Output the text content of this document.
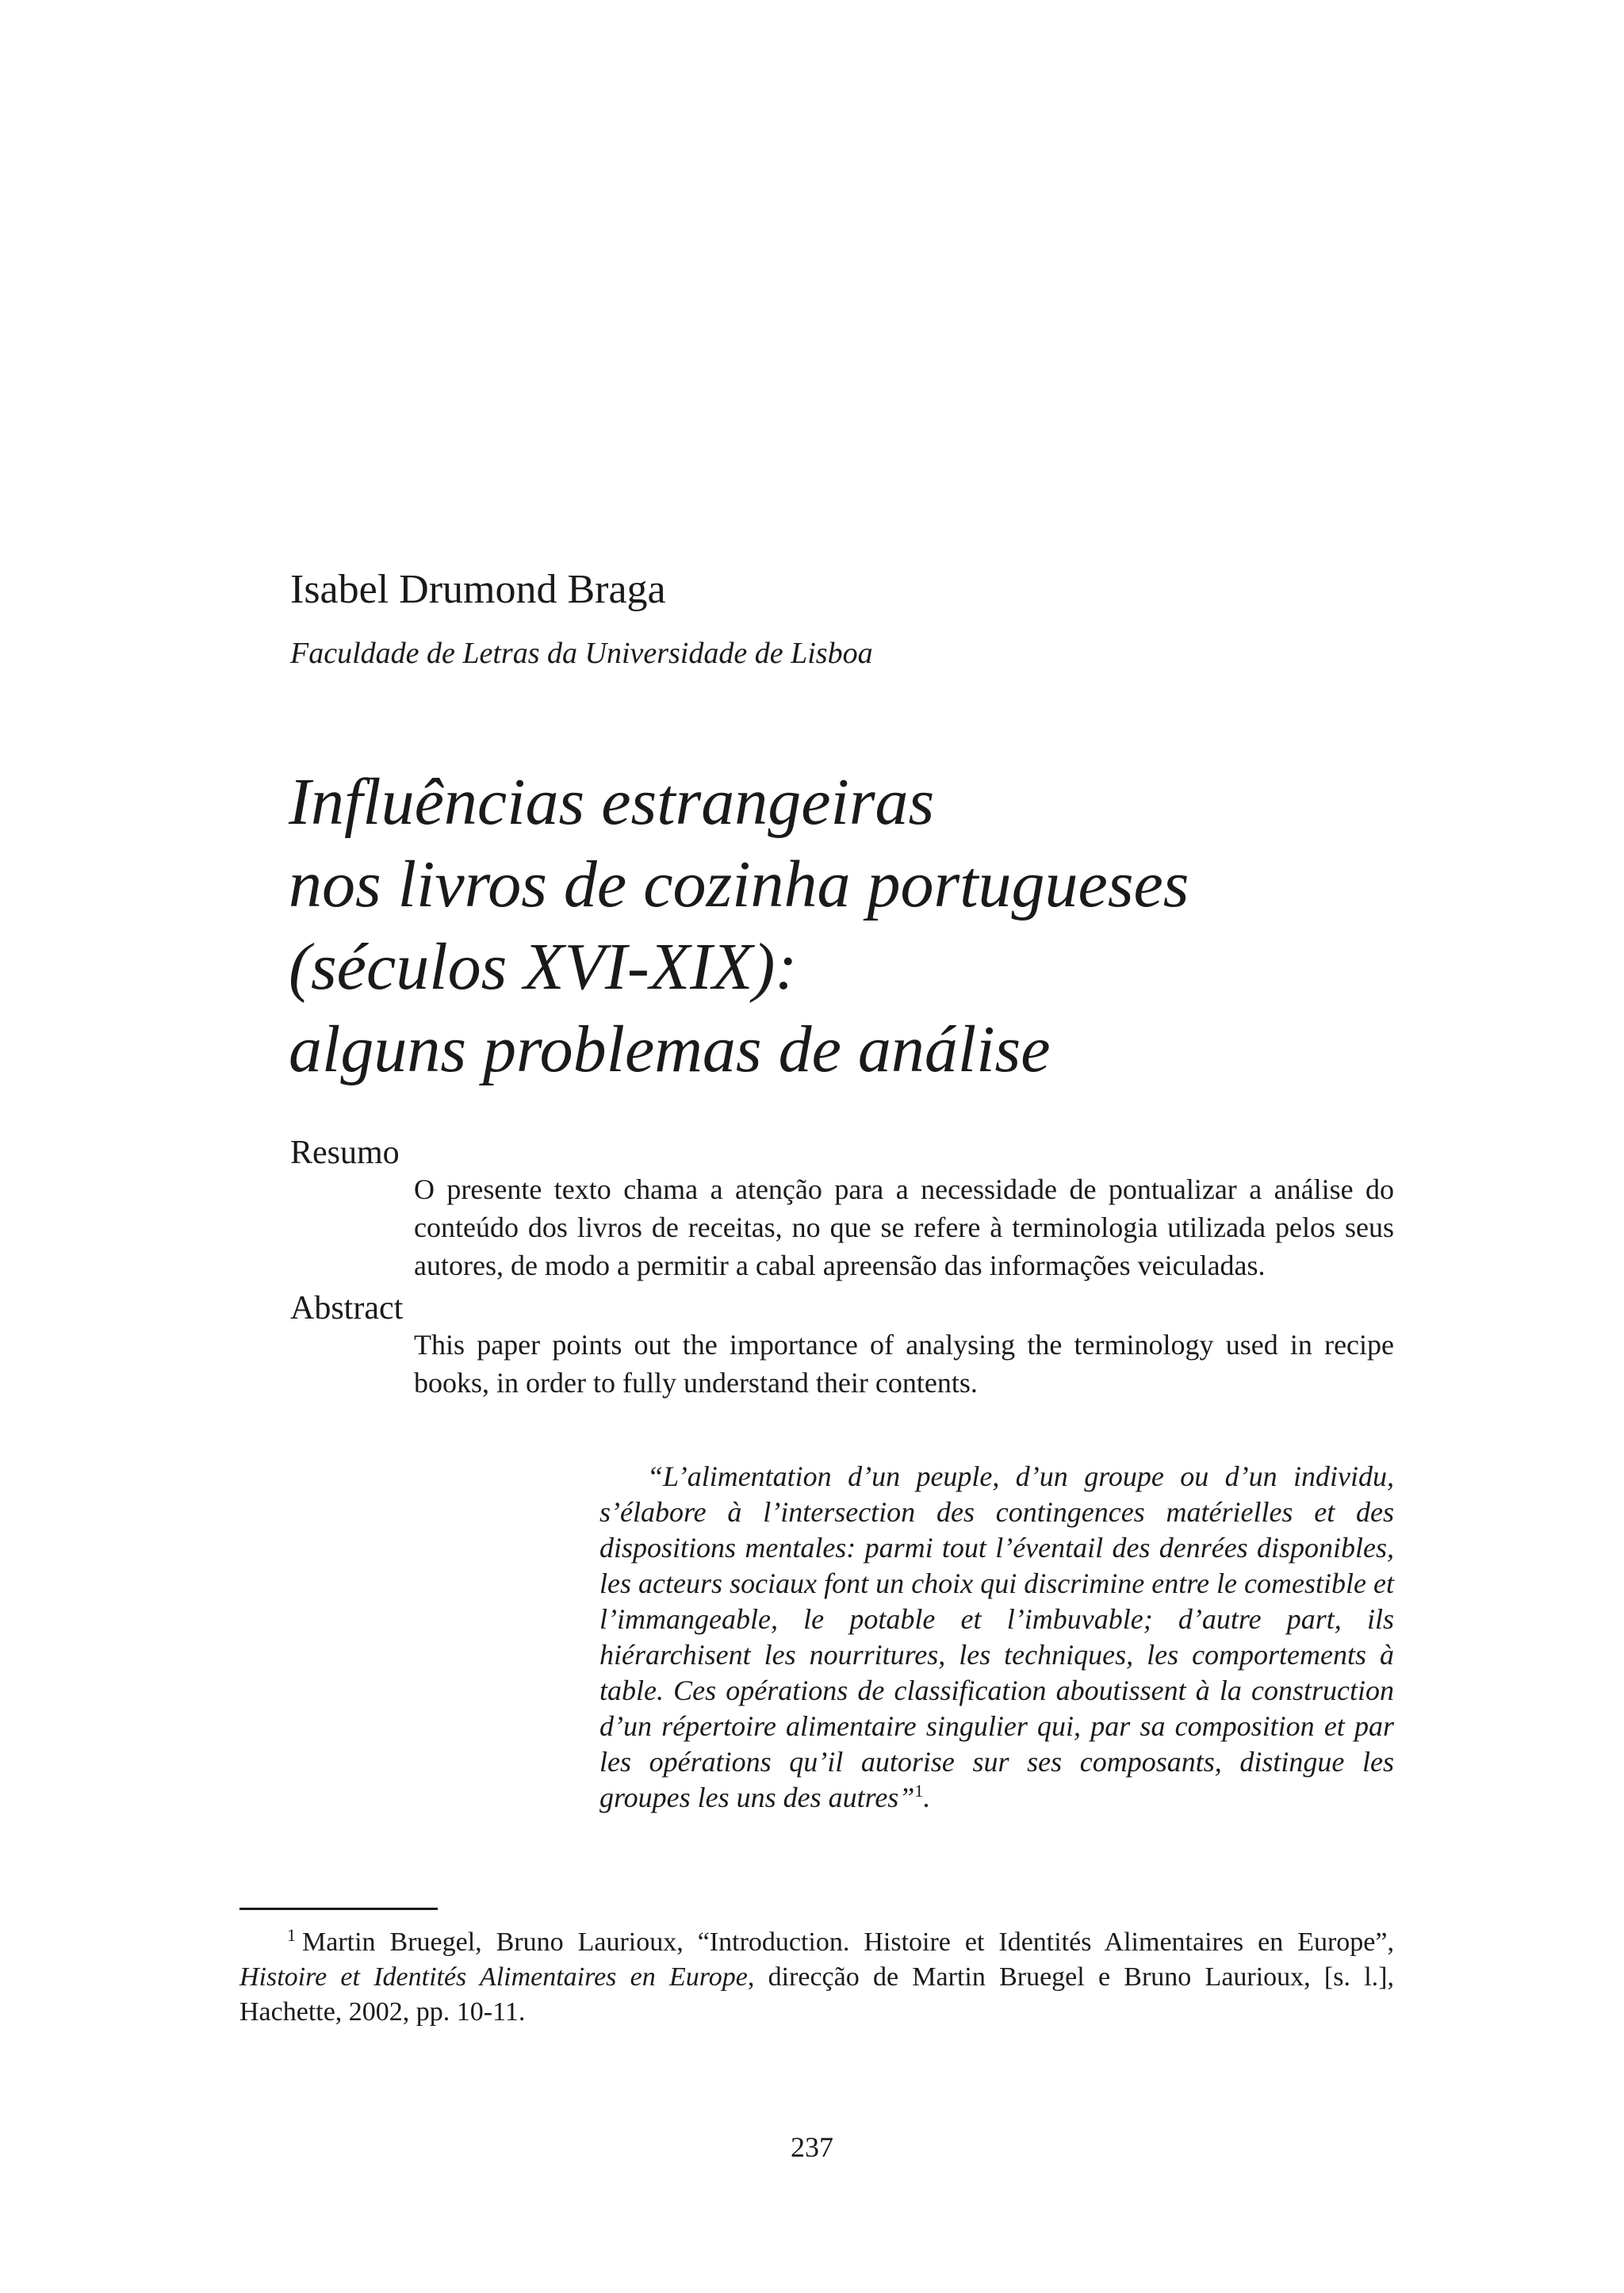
Isabel Drumond Braga
Faculdade de Letras da Universidade de Lisboa
Influências estrangeiras
nos livros de cozinha portugueses
(séculos XVI-XIX):
alguns problemas de análise
Resumo
O presente texto chama a atenção para a necessidade de pontualizar a análise do conteúdo dos livros de receitas, no que se refere à terminologia utilizada pelos seus autores, de modo a permitir a cabal apreensão das informações veiculadas.
Abstract
This paper points out the importance of analysing the terminology used in recipe books, in order to fully understand their contents.

“L’alimentation d’un peuple, d’un groupe ou d’un individu, s’élabore à l’intersection des contingences matérielles et des dispositions mentales: parmi tout l’éventail des denrées disponibles, les acteurs sociaux font un choix qui discrimine entre le comestible et l’immangeable, le potable et l’imbuvable; d’autre part, ils hiérarchisent les nourritures, les techniques, les comportements à table. Ces opérations de classification aboutissent à la construction d’un répertoire alimentaire singulier qui, par sa composition et par les opérations qu’il autorise sur ses composants, distingue les groupes les uns des autres”$^1$.

$^1$ Martin Bruegel, Bruno Laurioux, “Introduction. Histoire et Identités Alimentaires en Europe”, Histoire et Identités Alimentaires en Europe, direcção de Martin Bruegel e Bruno Laurioux, [s. l.], Hachette, 2002, pp. 10-11.

237
